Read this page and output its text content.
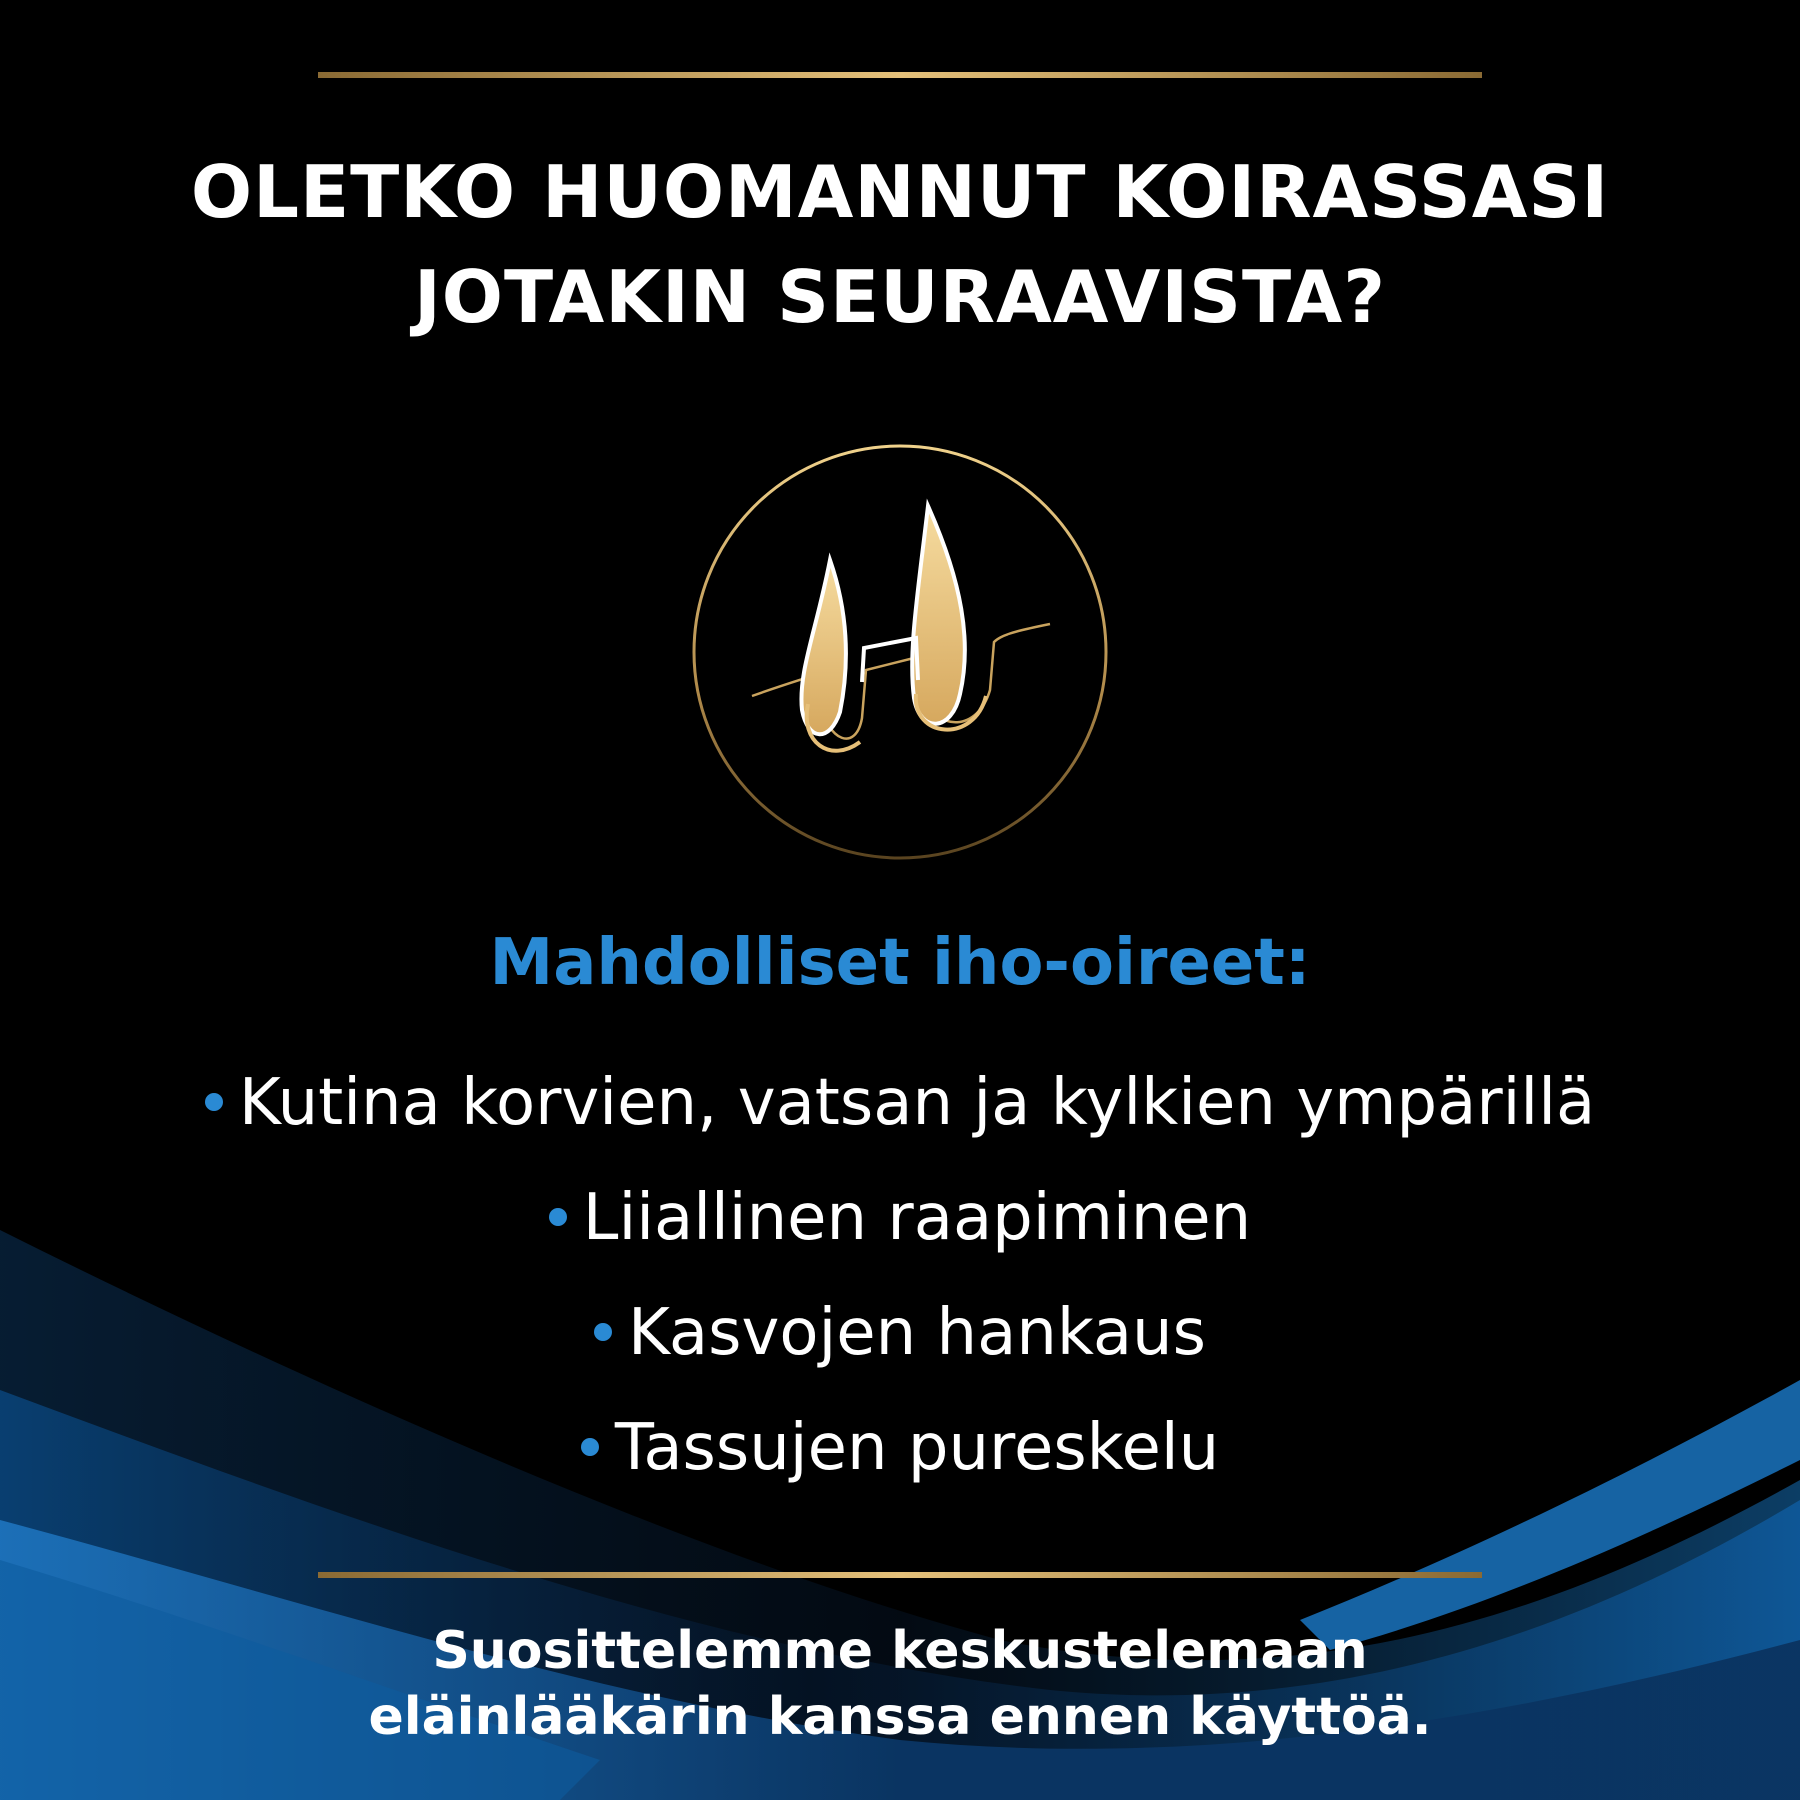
OLETKO HUOMANNUT KOIRASSASI
JOTAKIN SEURAAVISTA?
Mahdolliset iho-oireet:
Kutina korvien, vatsan ja kylkien ympärillä
Liiallinen raapiminen
Kasvojen hankaus
Tassujen pureskelu
Suosittelemme keskustelemaan
eläinlääkärin kanssa ennen käyttöä.
